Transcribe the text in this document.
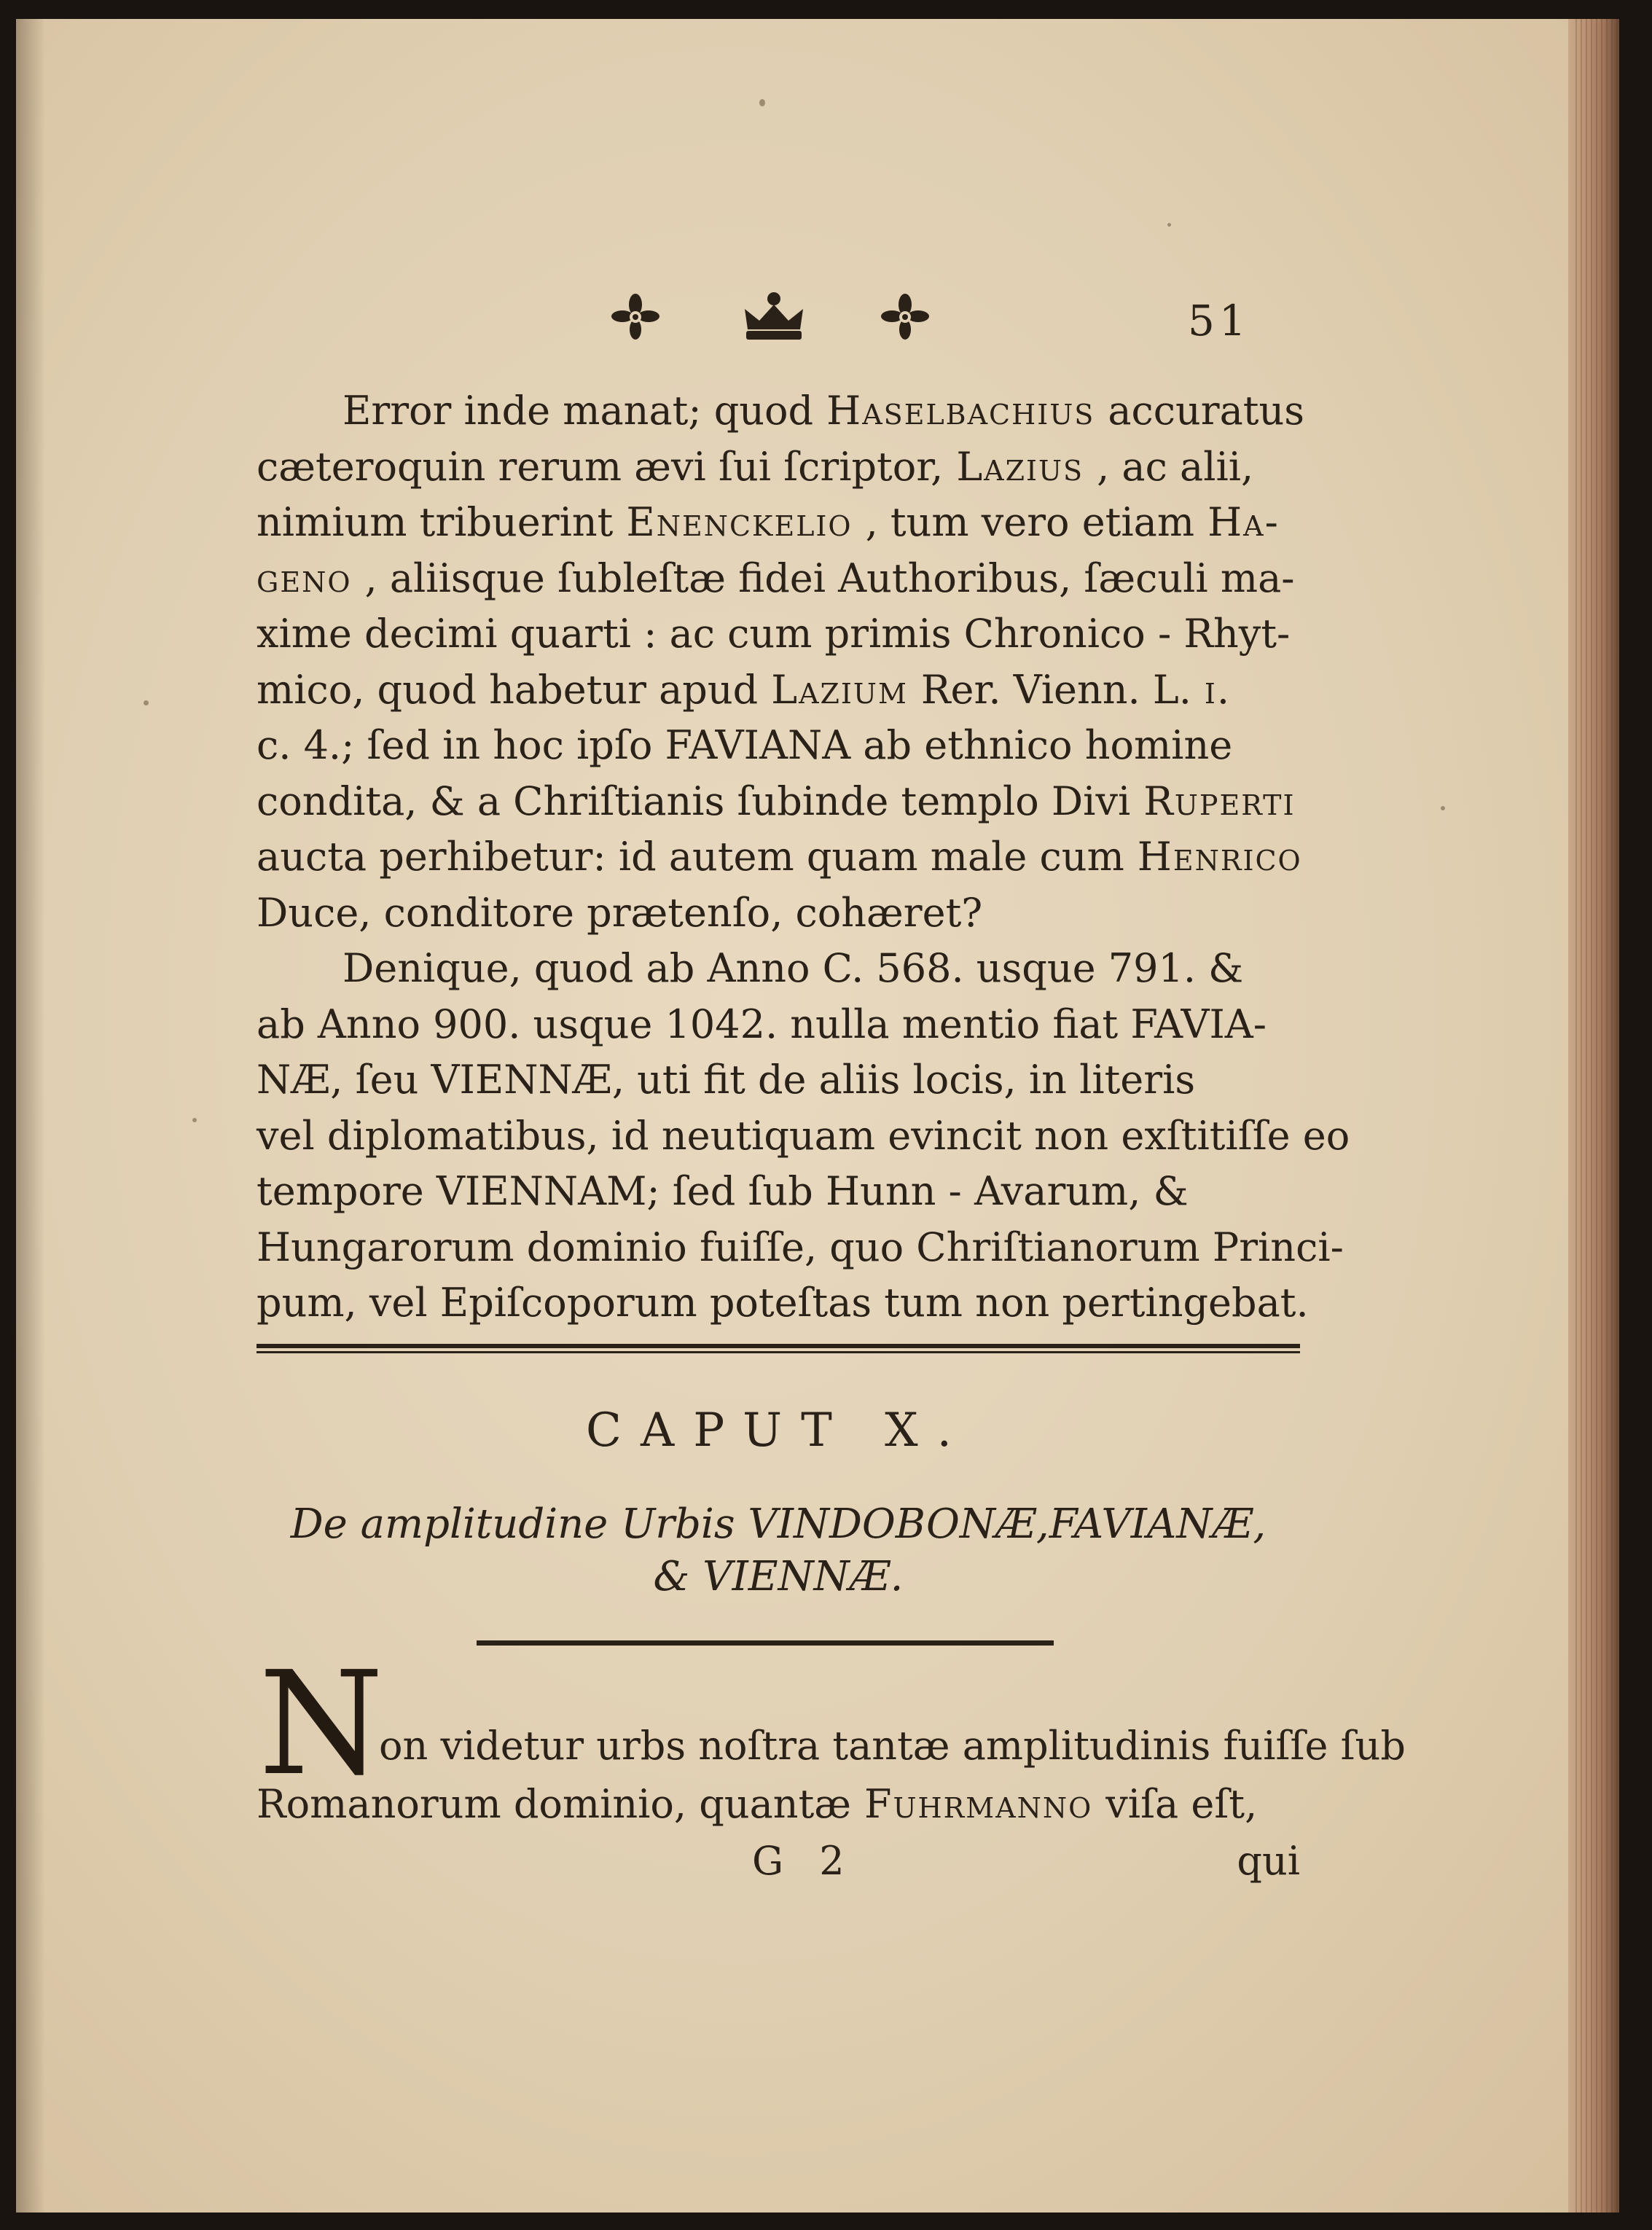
51
Error inde manat; quod Haselbachius accuratus
cæteroquin rerum ævi ſui ſcriptor, Lazius , ac alii,
nimium tribuerint Enenckelio , tum vero etiam Ha-
geno , aliisque ſubleſtæ fidei Authoribus, ſæculi ma-
xime decimi quarti : ac cum primis Chronico - Rhyt-
mico, quod habetur apud Lazium Rer. Vienn. L. i.
c. 4.; ſed in hoc ipſo FAVIANA ab ethnico homine
condita, & a Chriſtianis ſubinde templo Divi Ruperti
aucta perhibetur: id autem quam male cum Henrico
Duce, conditore prætenſo, cohæret?
Denique, quod ab Anno C. 568. usque 791. &
ab Anno 900. usque 1042. nulla mentio fiat FAVIA-
NÆ, ſeu VIENNÆ, uti fit de aliis locis, in literis
vel diplomatibus, id neutiquam evincit non exſtitiſſe eo
tempore VIENNAM; ſed ſub Hunn - Avarum, &
Hungarorum dominio fuiſſe, quo Chriſtianorum Princi-
pum, vel Epiſcoporum poteſtas tum non pertingebat.
CAPUT X.
De amplitudine Urbis VINDOBONÆ,FAVIANÆ,
& VIENNÆ.
N
on videtur urbs noſtra tantæ amplitudinis fuiſſe ſub
Romanorum dominio, quantæ Fuhrmanno viſa eſt,
G 2	qui
